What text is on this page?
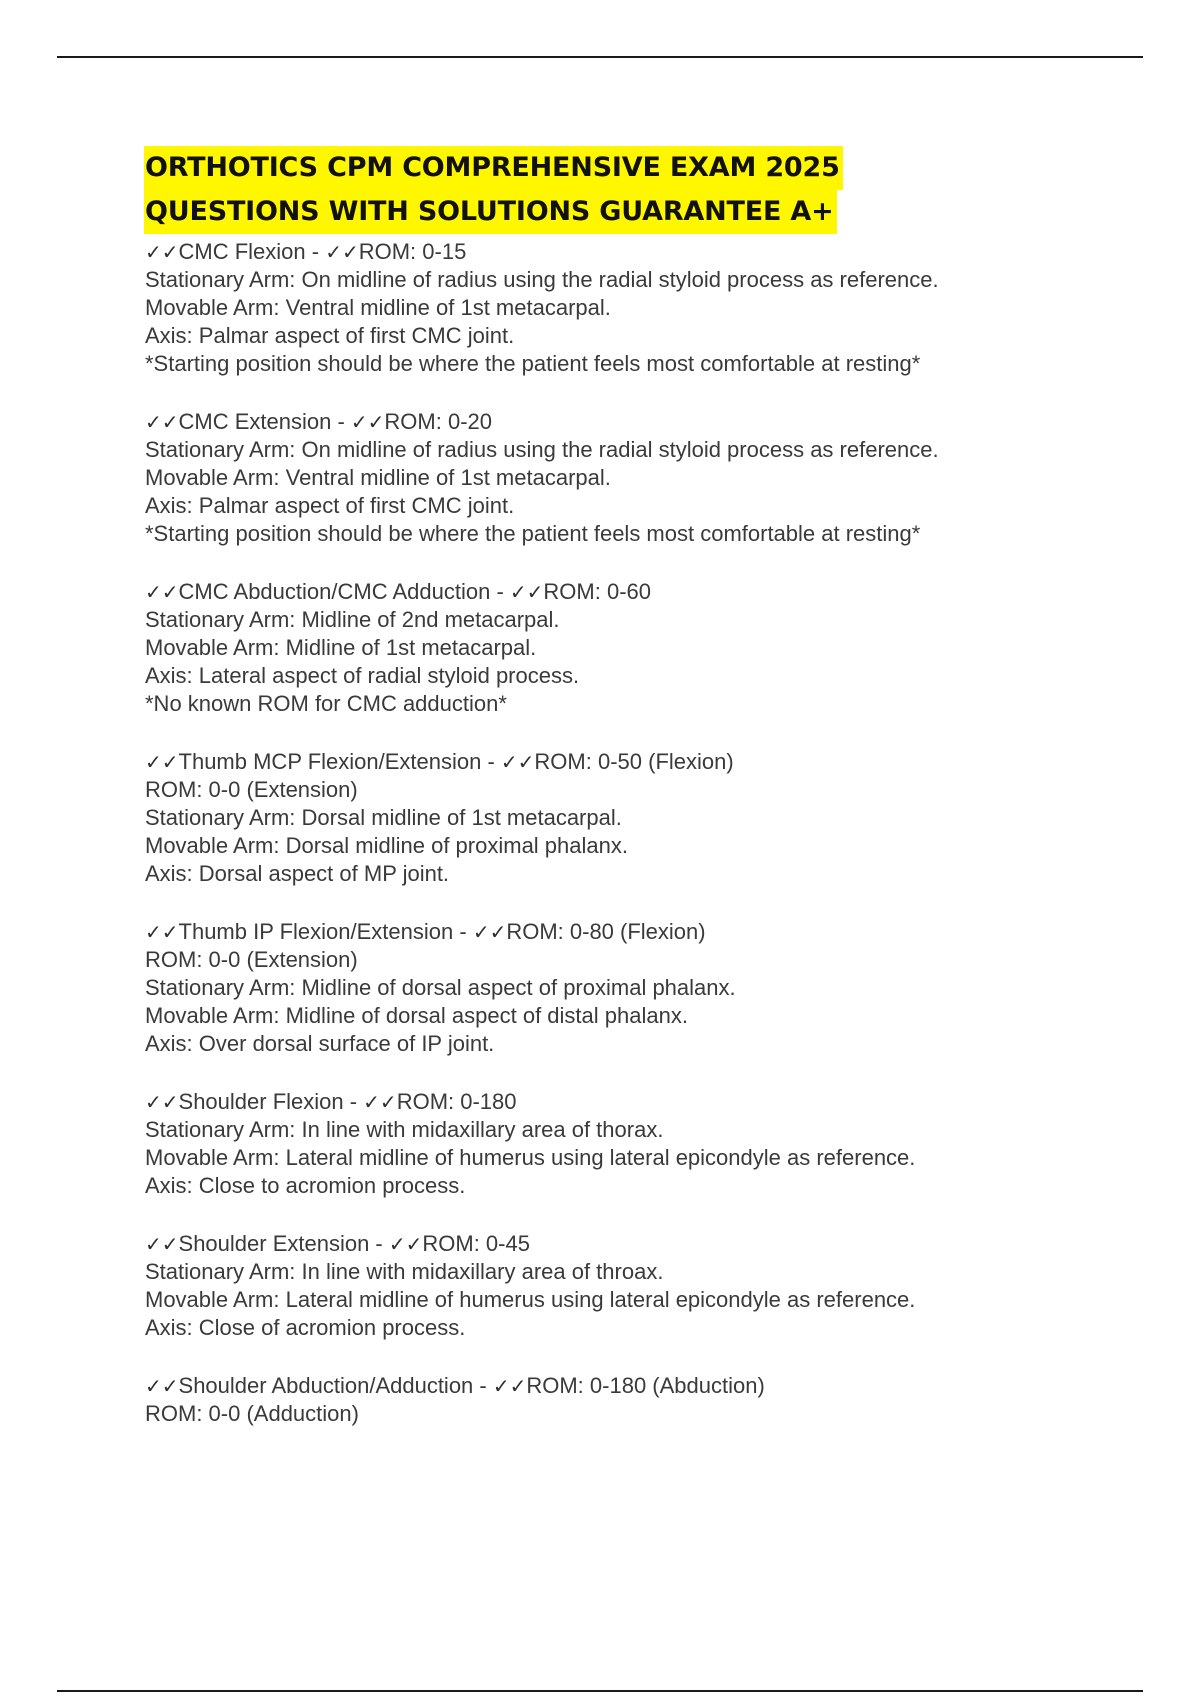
ORTHOTICS CPM COMPREHENSIVE EXAM 2025
QUESTIONS WITH SOLUTIONS GUARANTEE A+
✓✓CMC Flexion - ✓✓ROM: 0-15
Stationary Arm: On midline of radius using the radial styloid process as reference.
Movable Arm: Ventral midline of 1st metacarpal.
Axis: Palmar aspect of first CMC joint.
*Starting position should be where the patient feels most comfortable at resting*
✓✓CMC Extension - ✓✓ROM: 0-20
Stationary Arm: On midline of radius using the radial styloid process as reference.
Movable Arm: Ventral midline of 1st metacarpal.
Axis: Palmar aspect of first CMC joint.
*Starting position should be where the patient feels most comfortable at resting*
✓✓CMC Abduction/CMC Adduction - ✓✓ROM: 0-60
Stationary Arm: Midline of 2nd metacarpal.
Movable Arm: Midline of 1st metacarpal.
Axis: Lateral aspect of radial styloid process.
*No known ROM for CMC adduction*
✓✓Thumb MCP Flexion/Extension - ✓✓ROM: 0-50 (Flexion)
ROM: 0-0 (Extension)
Stationary Arm: Dorsal midline of 1st metacarpal.
Movable Arm: Dorsal midline of proximal phalanx.
Axis: Dorsal aspect of MP joint.
✓✓Thumb IP Flexion/Extension - ✓✓ROM: 0-80 (Flexion)
ROM: 0-0 (Extension)
Stationary Arm: Midline of dorsal aspect of proximal phalanx.
Movable Arm: Midline of dorsal aspect of distal phalanx.
Axis: Over dorsal surface of IP joint.
✓✓Shoulder Flexion - ✓✓ROM: 0-180
Stationary Arm: In line with midaxillary area of thorax.
Movable Arm: Lateral midline of humerus using lateral epicondyle as reference.
Axis: Close to acromion process.
✓✓Shoulder Extension - ✓✓ROM: 0-45
Stationary Arm: In line with midaxillary area of throax.
Movable Arm: Lateral midline of humerus using lateral epicondyle as reference.
Axis: Close of acromion process.
✓✓Shoulder Abduction/Adduction - ✓✓ROM: 0-180 (Abduction)
ROM: 0-0 (Adduction)
